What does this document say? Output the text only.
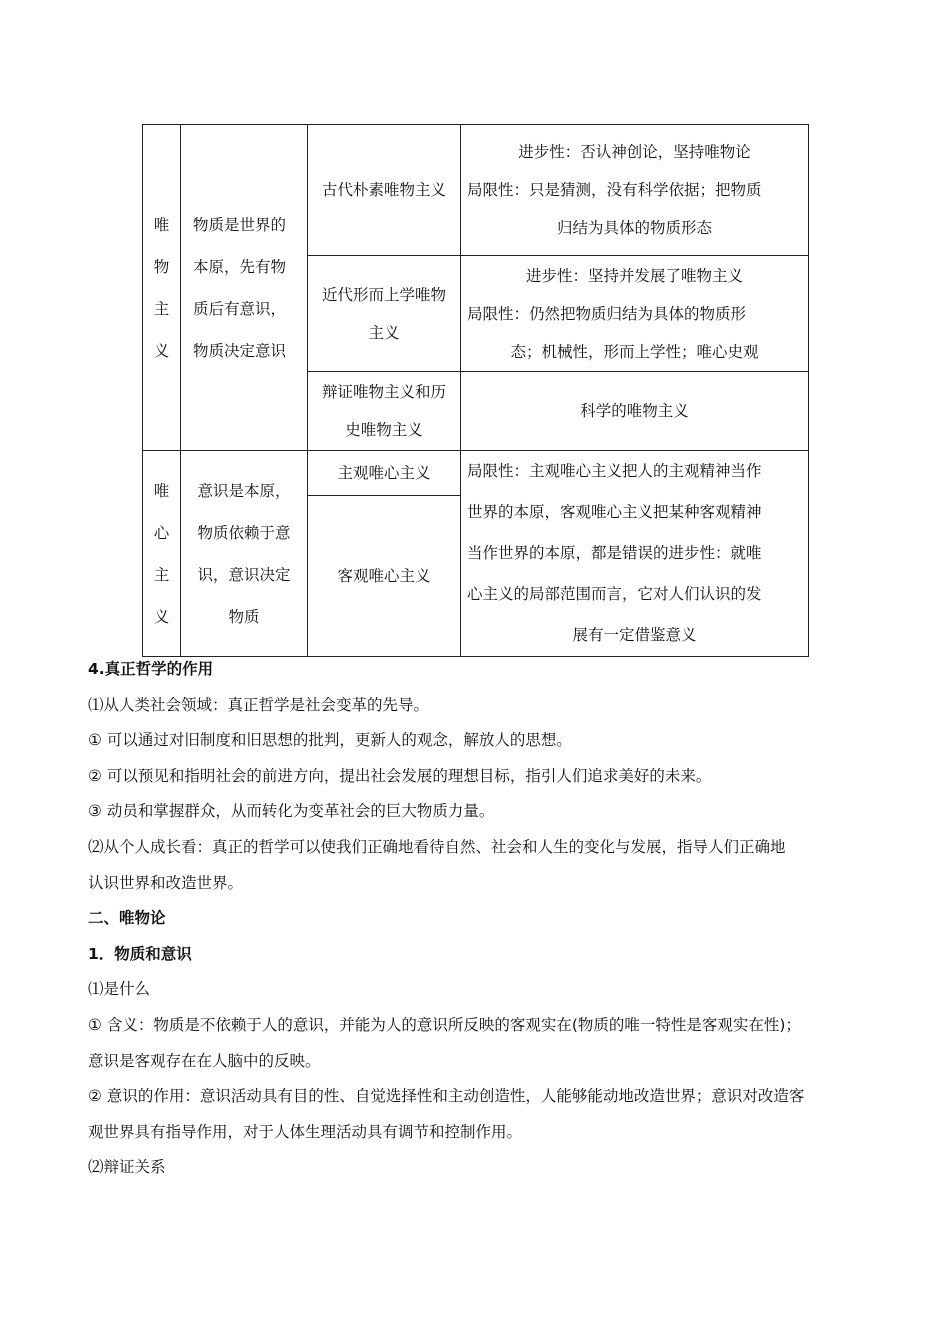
唯
物
主
义	物质是世界的
本原，先有物
质后有意识，
物质决定意识	古代朴素唯物主义	进步性：否认神创论，坚持唯物论
局限性：只是猜测，没有科学依据；把物质
归结为具体的物质形态

		近代形而上学唯物
主义	进步性：坚持并发展了唯物主义
局限性：仍然把物质归结为具体的物质形
态；机械性，形而上学性；唯心史观

		辩证唯物主义和历
史唯物主义	科学的唯物主义

唯
心
主
义	意识是本原，
物质依赖于意
识，意识决定
物质	主观唯心主义	局限性：主观唯心主义把人的主观精神当作
世界的本原，客观唯心主义把某种客观精神
当作世界的本原，都是错误的进步性：就唯
心主义的局部范围而言，它对人们认识的发
展有一定借鉴意义

		客观唯心主义	

4.真正哲学的作用

⑴从人类社会领域：真正哲学是社会变革的先导。

① 可以通过对旧制度和旧思想的批判，更新人的观念，解放人的思想。

② 可以预见和指明社会的前进方向，提出社会发展的理想目标，指引人们追求美好的未来。

③ 动员和掌握群众，从而转化为变革社会的巨大物质力量。

⑵从个人成长看：真正的哲学可以使我们正确地看待自然、社会和人生的变化与发展，指导人们正确地

认识世界和改造世界。

二、唯物论

1．物质和意识

⑴是什么

① 含义：物质是不依赖于人的意识，并能为人的意识所反映的客观实在(物质的唯一特性是客观实在性)；

意识是客观存在在人脑中的反映。

② 意识的作用：意识活动具有目的性、自觉选择性和主动创造性，人能够能动地改造世界；意识对改造客

观世界具有指导作用，对于人体生理活动具有调节和控制作用。

⑵辩证关系
